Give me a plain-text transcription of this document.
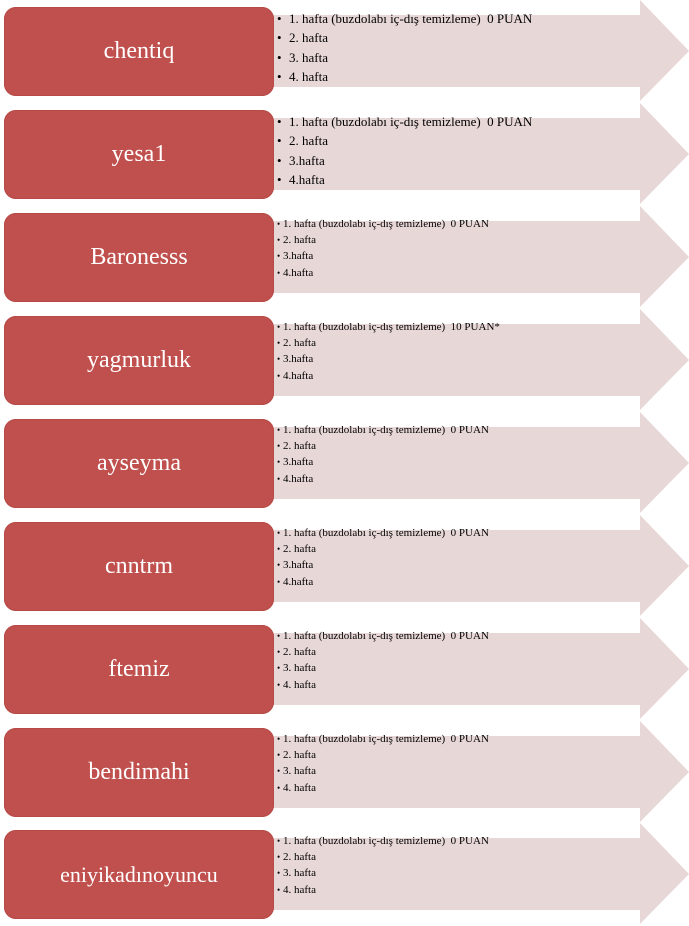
chentiq
• 1. hafta (buzdolabı iç-dış temizleme)  0 PUAN
• 2. hafta
• 3. hafta
• 4. hafta
yesa1
• 1. hafta (buzdolabı iç-dış temizleme)  0 PUAN
• 2. hafta
• 3.hafta
• 4.hafta
Baronesss
• 1. hafta (buzdolabı iç-dış temizleme)  0 PUAN
• 2. hafta
• 3.hafta
• 4.hafta
yagmurluk
• 1. hafta (buzdolabı iç-dış temizleme)  10 PUAN*
• 2. hafta
• 3.hafta
• 4.hafta
ayseyma
• 1. hafta (buzdolabı iç-dış temizleme)  0 PUAN
• 2. hafta
• 3.hafta
• 4.hafta
cnntrm
• 1. hafta (buzdolabı iç-dış temizleme)  0 PUAN
• 2. hafta
• 3.hafta
• 4.hafta
ftemiz
• 1. hafta (buzdolabı iç-dış temizleme)  0 PUAN
• 2. hafta
• 3. hafta
• 4. hafta
bendimahi
• 1. hafta (buzdolabı iç-dış temizleme)  0 PUAN
• 2. hafta
• 3. hafta
• 4. hafta
eniyikadınoyuncu
• 1. hafta (buzdolabı iç-dış temizleme)  0 PUAN
• 2. hafta
• 3. hafta
• 4. hafta
